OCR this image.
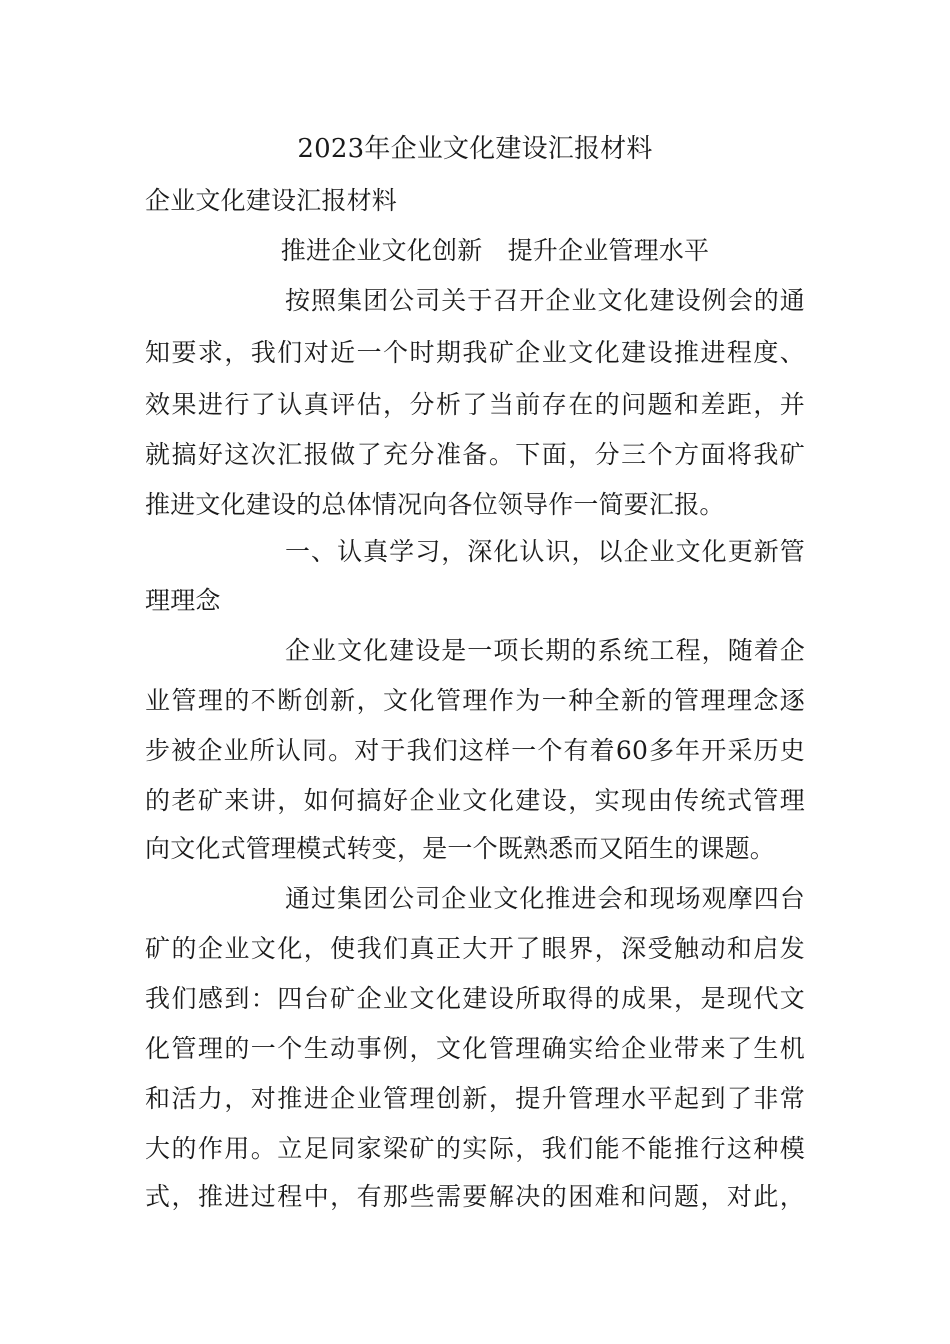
2023年企业文化建设汇报材料

企业文化建设汇报材料

推进企业文化创新　提升企业管理水平

按照集团公司关于召开企业文化建设例会的通

知要求，我们对近一个时期我矿企业文化建设推进程度、

效果进行了认真评估，分析了当前存在的问题和差距，并

就搞好这次汇报做了充分准备。下面，分三个方面将我矿

推进文化建设的总体情况向各位领导作一简要汇报。

一、认真学习，深化认识，以企业文化更新管

理理念

企业文化建设是一项长期的系统工程，随着企

业管理的不断创新，文化管理作为一种全新的管理理念逐

步被企业所认同。对于我们这样一个有着60多年开采历史

的老矿来讲，如何搞好企业文化建设，实现由传统式管理

向文化式管理模式转变，是一个既熟悉而又陌生的课题。

通过集团公司企业文化推进会和现场观摩四台

矿的企业文化，使我们真正大开了眼界，深受触动和启发

我们感到：四台矿企业文化建设所取得的成果，是现代文

化管理的一个生动事例，文化管理确实给企业带来了生机

和活力，对推进企业管理创新，提升管理水平起到了非常

大的作用。立足同家梁矿的实际，我们能不能推行这种模

式，推进过程中，有那些需要解决的困难和问题，对此，
